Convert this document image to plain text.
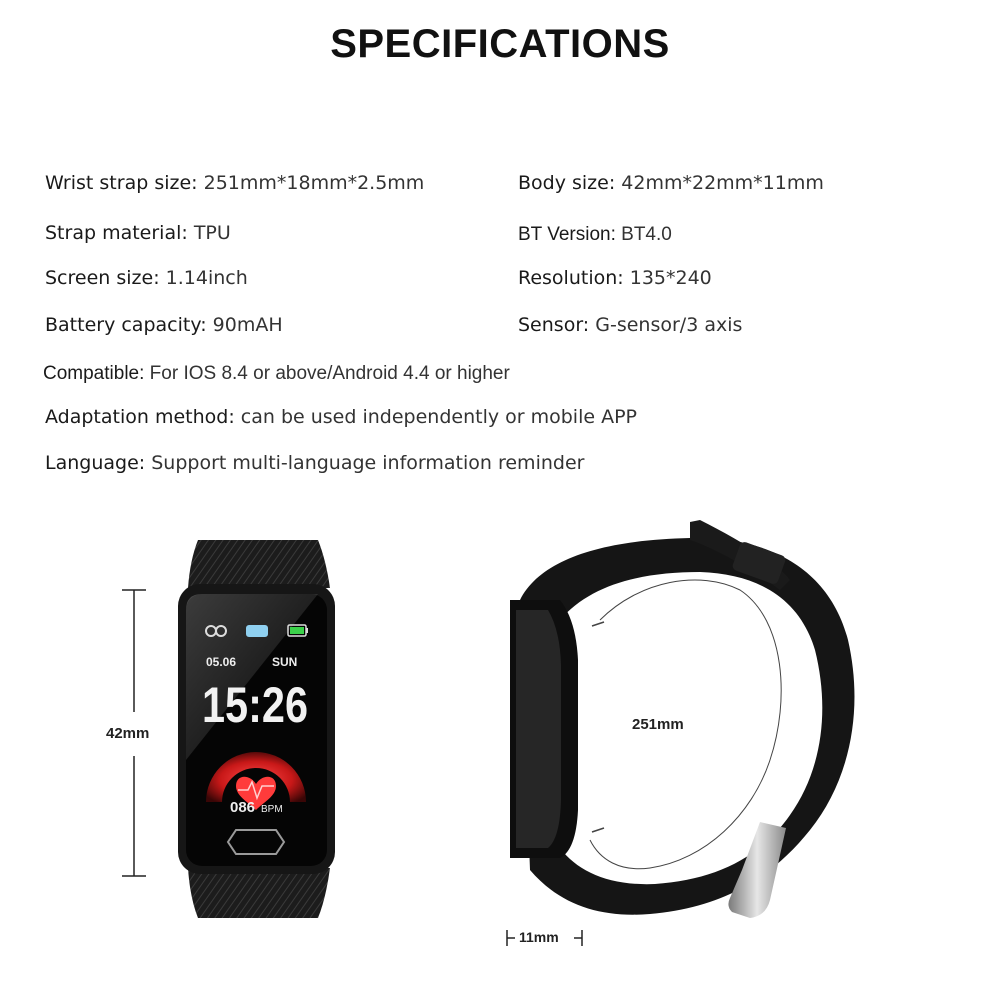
SPECIFICATIONS
Wrist strap size: 251mm*18mm*2.5mm
Strap material: TPU
Screen size: 1.14inch
Battery capacity: 90mAH
Compatible: For IOS 8.4 or above/Android 4.4 or higher
Adaptation method: can be used independently or mobile APP
Language: Support multi-language information reminder
Body size: 42mm*22mm*11mm
BT Version: BT4.0
Resolution: 135*240
Sensor: G-sensor/3 axis
05.06	SUN
15:26
086 BPM
42mm
251mm
11mm
